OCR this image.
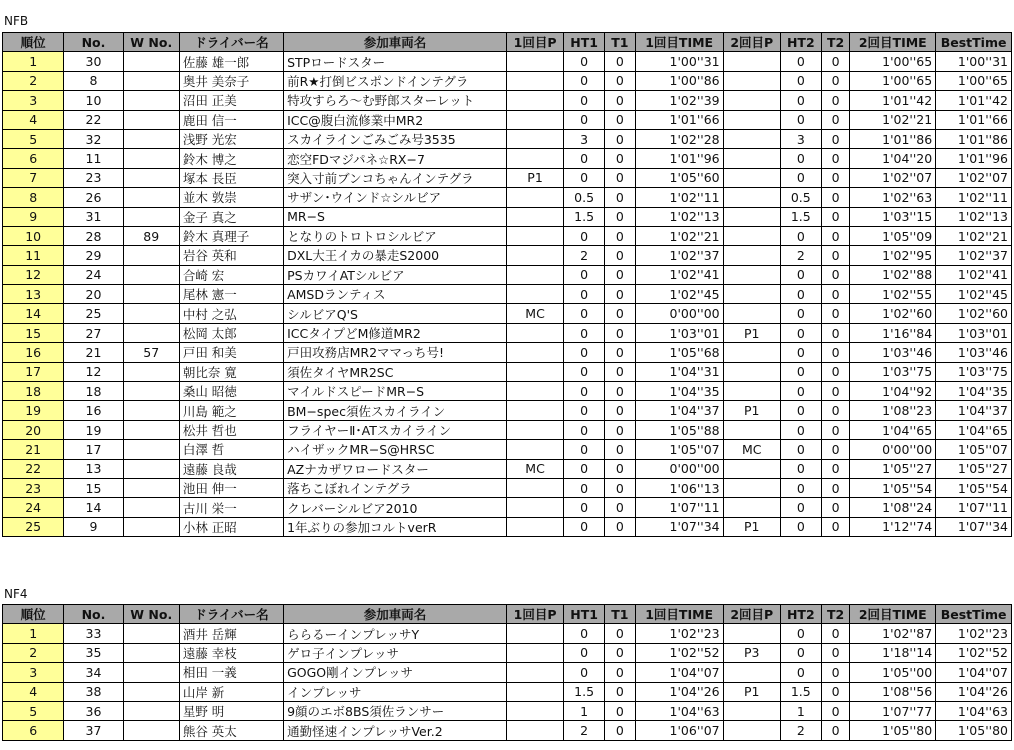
NFB
順位	No.	W No.	ドライバー名	参加車両名	1回目P	HT1	T1	1回目TIME	2回目P	HT2	T2	2回目TIME	BestTime
1	30		佐藤 雄一郎	STPロードスター		0	0	1'00''31		0	0	1'00''65	1'00''31
2	8		奥井 美奈子	前R★打倒ビスポンドインテグラ		0	0	1'00''86		0	0	1'00''65	1'00''65
3	10		沼田 正美	特攻すらろ～む野郎スターレット		0	0	1'02''39		0	0	1'01''42	1'01''42
4	22		鹿田 信一	ICC@腹白流修業中MR2		0	0	1'01''66		0	0	1'02''21	1'01''66
5	32		浅野 光宏	スカイラインごみごみ号3535		3	0	1'02''28		3	0	1'01''86	1'01''86
6	11		鈴木 博之	恋空FDマジパネ☆RX−7		0	0	1'01''96		0	0	1'04''20	1'01''96
7	23		塚本 長臣	突入寸前ブンコちゃんインテグラ	P1	0	0	1'05''60		0	0	1'02''07	1'02''07
8	26		並木 敦崇	サザン･ウインド☆シルビア		0.5	0	1'02''11		0.5	0	1'02''63	1'02''11
9	31		金子 真之	MR−S		1.5	0	1'02''13		1.5	0	1'03''15	1'02''13
10	28	89	鈴木 真理子	となりのトロトロシルビア		0	0	1'02''21		0	0	1'05''09	1'02''21
11	29		岩谷 英和	DXL大王イカの暴走S2000		2	0	1'02''37		2	0	1'02''95	1'02''37
12	24		合崎 宏	PSカワイATシルビア		0	0	1'02''41		0	0	1'02''88	1'02''41
13	20		尾林 憲一	AMSDランティス		0	0	1'02''45		0	0	1'02''55	1'02''45
14	25		中村 之弘	シルビアQ'S	MC	0	0	0'00''00		0	0	1'02''60	1'02''60
15	27		松岡 太郎	ICCタイプどM修道MR2		0	0	1'03''01	P1	0	0	1'16''84	1'03''01
16	21	57	戸田 和美	戸田攻務店MR2ママっち号!		0	0	1'05''68		0	0	1'03''46	1'03''46
17	12		朝比奈 寛	須佐タイヤMR2SC		0	0	1'04''31		0	0	1'03''75	1'03''75
18	18		桑山 昭徳	マイルドスピードMR−S		0	0	1'04''35		0	0	1'04''92	1'04''35
19	16		川島 範之	BM−spec須佐スカイライン		0	0	1'04''37	P1	0	0	1'08''23	1'04''37
20	19		松井 哲也	フライヤーⅡ･ATスカイライン		0	0	1'05''88		0	0	1'04''65	1'04''65
21	17		白澤 哲	ハイザックMR−S@HRSC		0	0	1'05''07	MC	0	0	0'00''00	1'05''07
22	13		遠藤 良哉	AZナカザワロードスター	MC	0	0	0'00''00		0	0	1'05''27	1'05''27
23	15		池田 伸一	落ちこぼれインテグラ		0	0	1'06''13		0	0	1'05''54	1'05''54
24	14		古川 栄一	クレバーシルビア2010		0	0	1'07''11		0	0	1'08''24	1'07''11
25	9		小林 正昭	1年ぶりの参加コルトverR		0	0	1'07''34	P1	0	0	1'12''74	1'07''34
NF4
順位	No.	W No.	ドライバー名	参加車両名	1回目P	HT1	T1	1回目TIME	2回目P	HT2	T2	2回目TIME	BestTime
1	33		酒井 岳輝	ららるーインプレッサY		0	0	1'02''23		0	0	1'02''87	1'02''23
2	35		遠藤 幸枝	ゲロ子インプレッサ		0	0	1'02''52	P3	0	0	1'18''14	1'02''52
3	34		相田 一義	GOGO剛インプレッサ		0	0	1'04''07		0	0	1'05''00	1'04''07
4	38		山岸 新	インプレッサ		1.5	0	1'04''26	P1	1.5	0	1'08''56	1'04''26
5	36		星野 明	9顔のエボ8BS須佐ランサー		1	0	1'04''63		1	0	1'07''77	1'04''63
6	37		熊谷 英太	通勤怪速インプレッサVer.2		2	0	1'06''07		2	0	1'05''80	1'05''80
